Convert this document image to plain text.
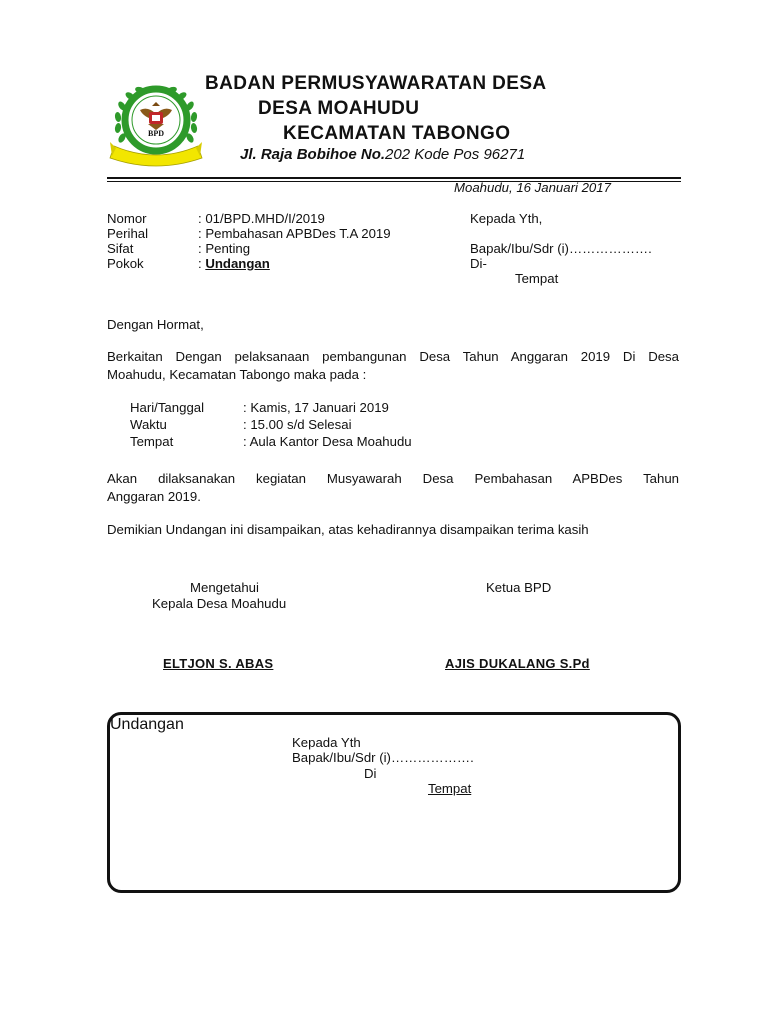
BPD
BADAN PERMUSYAWARATAN DESA
DESA MOAHUDU
KECAMATAN TABONGO
Jl. Raja Bobihoe No.202 Kode Pos 96271
Moahudu, 16 Januari 2017
Nomor	: 01/BPD.MHD/I/2019
Perihal	: Pembahasan APBDes T.A 2019
Sifat	: Penting
Pokok	: Undangan
Kepada Yth,
Bapak/Ibu/Sdr (i)……………….
Di-
Tempat
Dengan Hormat,
Berkaitan Dengan pelaksanaan pembangunan Desa Tahun Anggaran 2019 Di Desa
Moahudu, Kecamatan Tabongo maka pada :
Hari/Tanggal	: Kamis, 17 Januari 2019
Waktu	: 15.00 s/d Selesai
Tempat	: Aula Kantor Desa Moahudu
Akan dilaksanakan kegiatan Musyawarah Desa Pembahasan APBDes Tahun
Anggaran 2019.
Demikian Undangan ini disampaikan, atas kehadirannya disampaikan terima kasih
Mengetahui
Kepala Desa Moahudu
Ketua BPD
ELTJON S. ABAS	AJIS DUKALANG S.Pd
Undangan
Kepada Yth
Bapak/Ibu/Sdr (i)……………….
Di
Tempat
